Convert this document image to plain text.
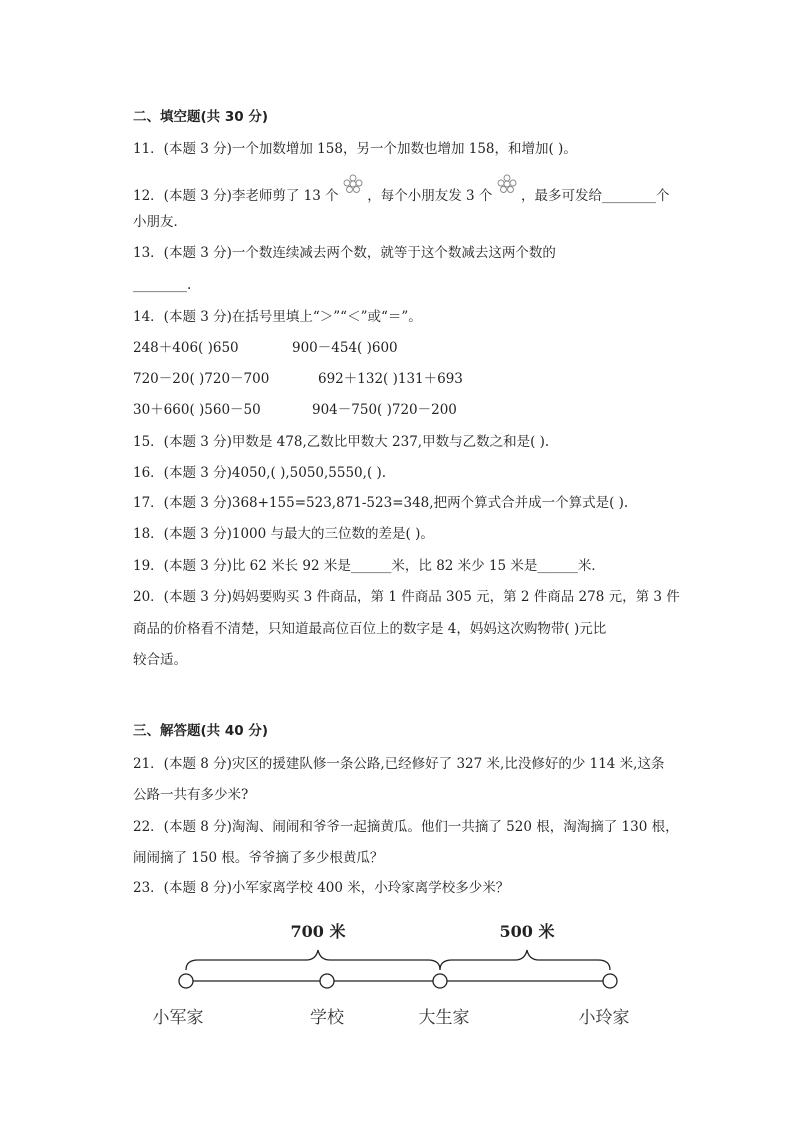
二、填空题(共 30 分)
11．(本题 3 分)一个加数增加 158，另一个加数也增加 158，和增加( )。
12．(本题 3 分)李老师剪了 13 个 ，每个小朋友发 3 个 ，最多可发给________个
小朋友．
13．(本题 3 分)一个数连续减去两个数，就等于这个数减去这两个数的
________.
14．(本题 3 分)在括号里填上“＞”“＜”或“＝”。
248＋406( )650	900－454( )600
720－20( )720－700	692＋132( )131＋693
30＋660( )560－50	904－750( )720－200
15．(本题 3 分)甲数是 478,乙数比甲数大 237,甲数与乙数之和是( ).
16．(本题 3 分)4050,( ),5050,5550,( ).
17．(本题 3 分)368+155=523,871-523=348,把两个算式合并成一个算式是( ).
18．(本题 3 分)1000 与最大的三位数的差是( )。
19．(本题 3 分)比 62 米长 92 米是______米，比 82 米少 15 米是______米．
20．(本题 3 分)妈妈要购买 3 件商品，第 1 件商品 305 元，第 2 件商品 278 元，第 3 件
商品的价格看不清楚，只知道最高位百位上的数字是 4，妈妈这次购物带( )元比
较合适。
三、解答题(共 40 分)
21．(本题 8 分)灾区的援建队修一条公路,已经修好了 327 米,比没修好的少 114 米,这条
公路一共有多少米?
22．(本题 8 分)淘淘、闹闹和爷爷一起摘黄瓜。他们一共摘了 520 根，淘淘摘了 130 根，
闹闹摘了 150 根。爷爷摘了多少根黄瓜？
23．(本题 8 分)小军家离学校 400 米，小玲家离学校多少米？
700 米	500 米
小军家	学校	大生家	小玲家
